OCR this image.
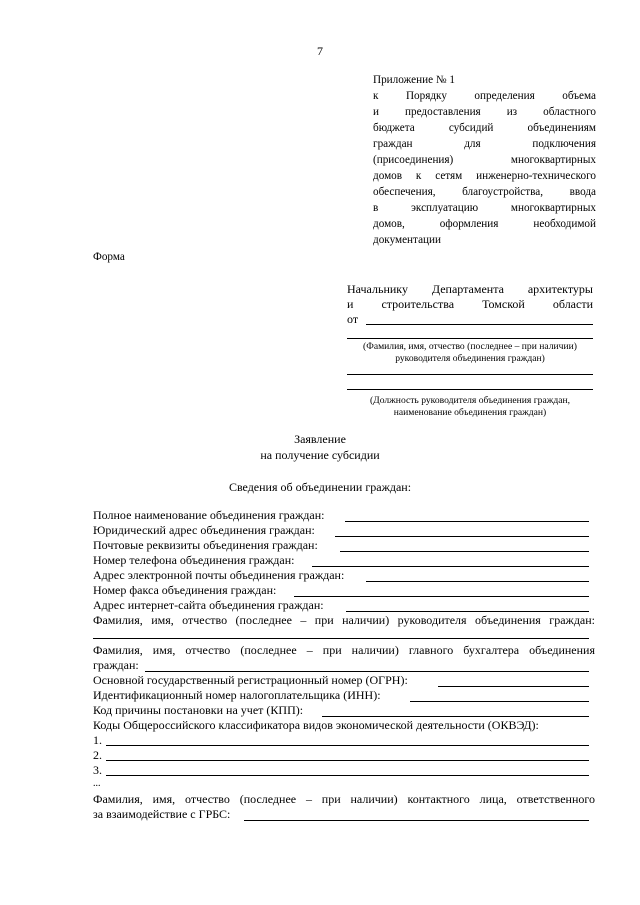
7
Приложение № 1
к Порядку определения объема
и предоставления из областного
бюджета субсидий объединениям
граждан для подключения
(присоединения) многоквартирных
домов к сетям инженерно-технического
обеспечения, благоустройства, ввода
в эксплуатацию многоквартирных
домов, оформления необходимой
документации
Форма
Начальнику Департамента архитектуры
и строительства Томской области
от
(Фамилия, имя, отчество (последнее – при наличии)
руководителя объединения граждан)
(Должность руководителя объединения граждан,
наименование объединения граждан)
Заявление
на получение субсидии
Сведения об объединении граждан:
Полное наименование объединения граждан:
Юридический адрес объединения граждан:
Почтовые реквизиты объединения граждан:
Номер телефона объединения граждан:
Адрес электронной почты объединения граждан:
Номер факса объединения граждан:
Адрес интернет-сайта объединения граждан:
Фамилия, имя, отчество (последнее – при наличии) руководителя объединения граждан:
Фамилия, имя, отчество (последнее – при наличии) главного бухгалтера объединения
граждан:
Основной государственный регистрационный номер (ОГРН):
Идентификационный номер налогоплательщика (ИНН):
Код причины постановки на учет (КПП):
Коды Общероссийского классификатора видов экономической деятельности (ОКВЭД):
1.
2.
3.
...
Фамилия, имя, отчество (последнее – при наличии) контактного лица, ответственного
за взаимодействие с ГРБС:
